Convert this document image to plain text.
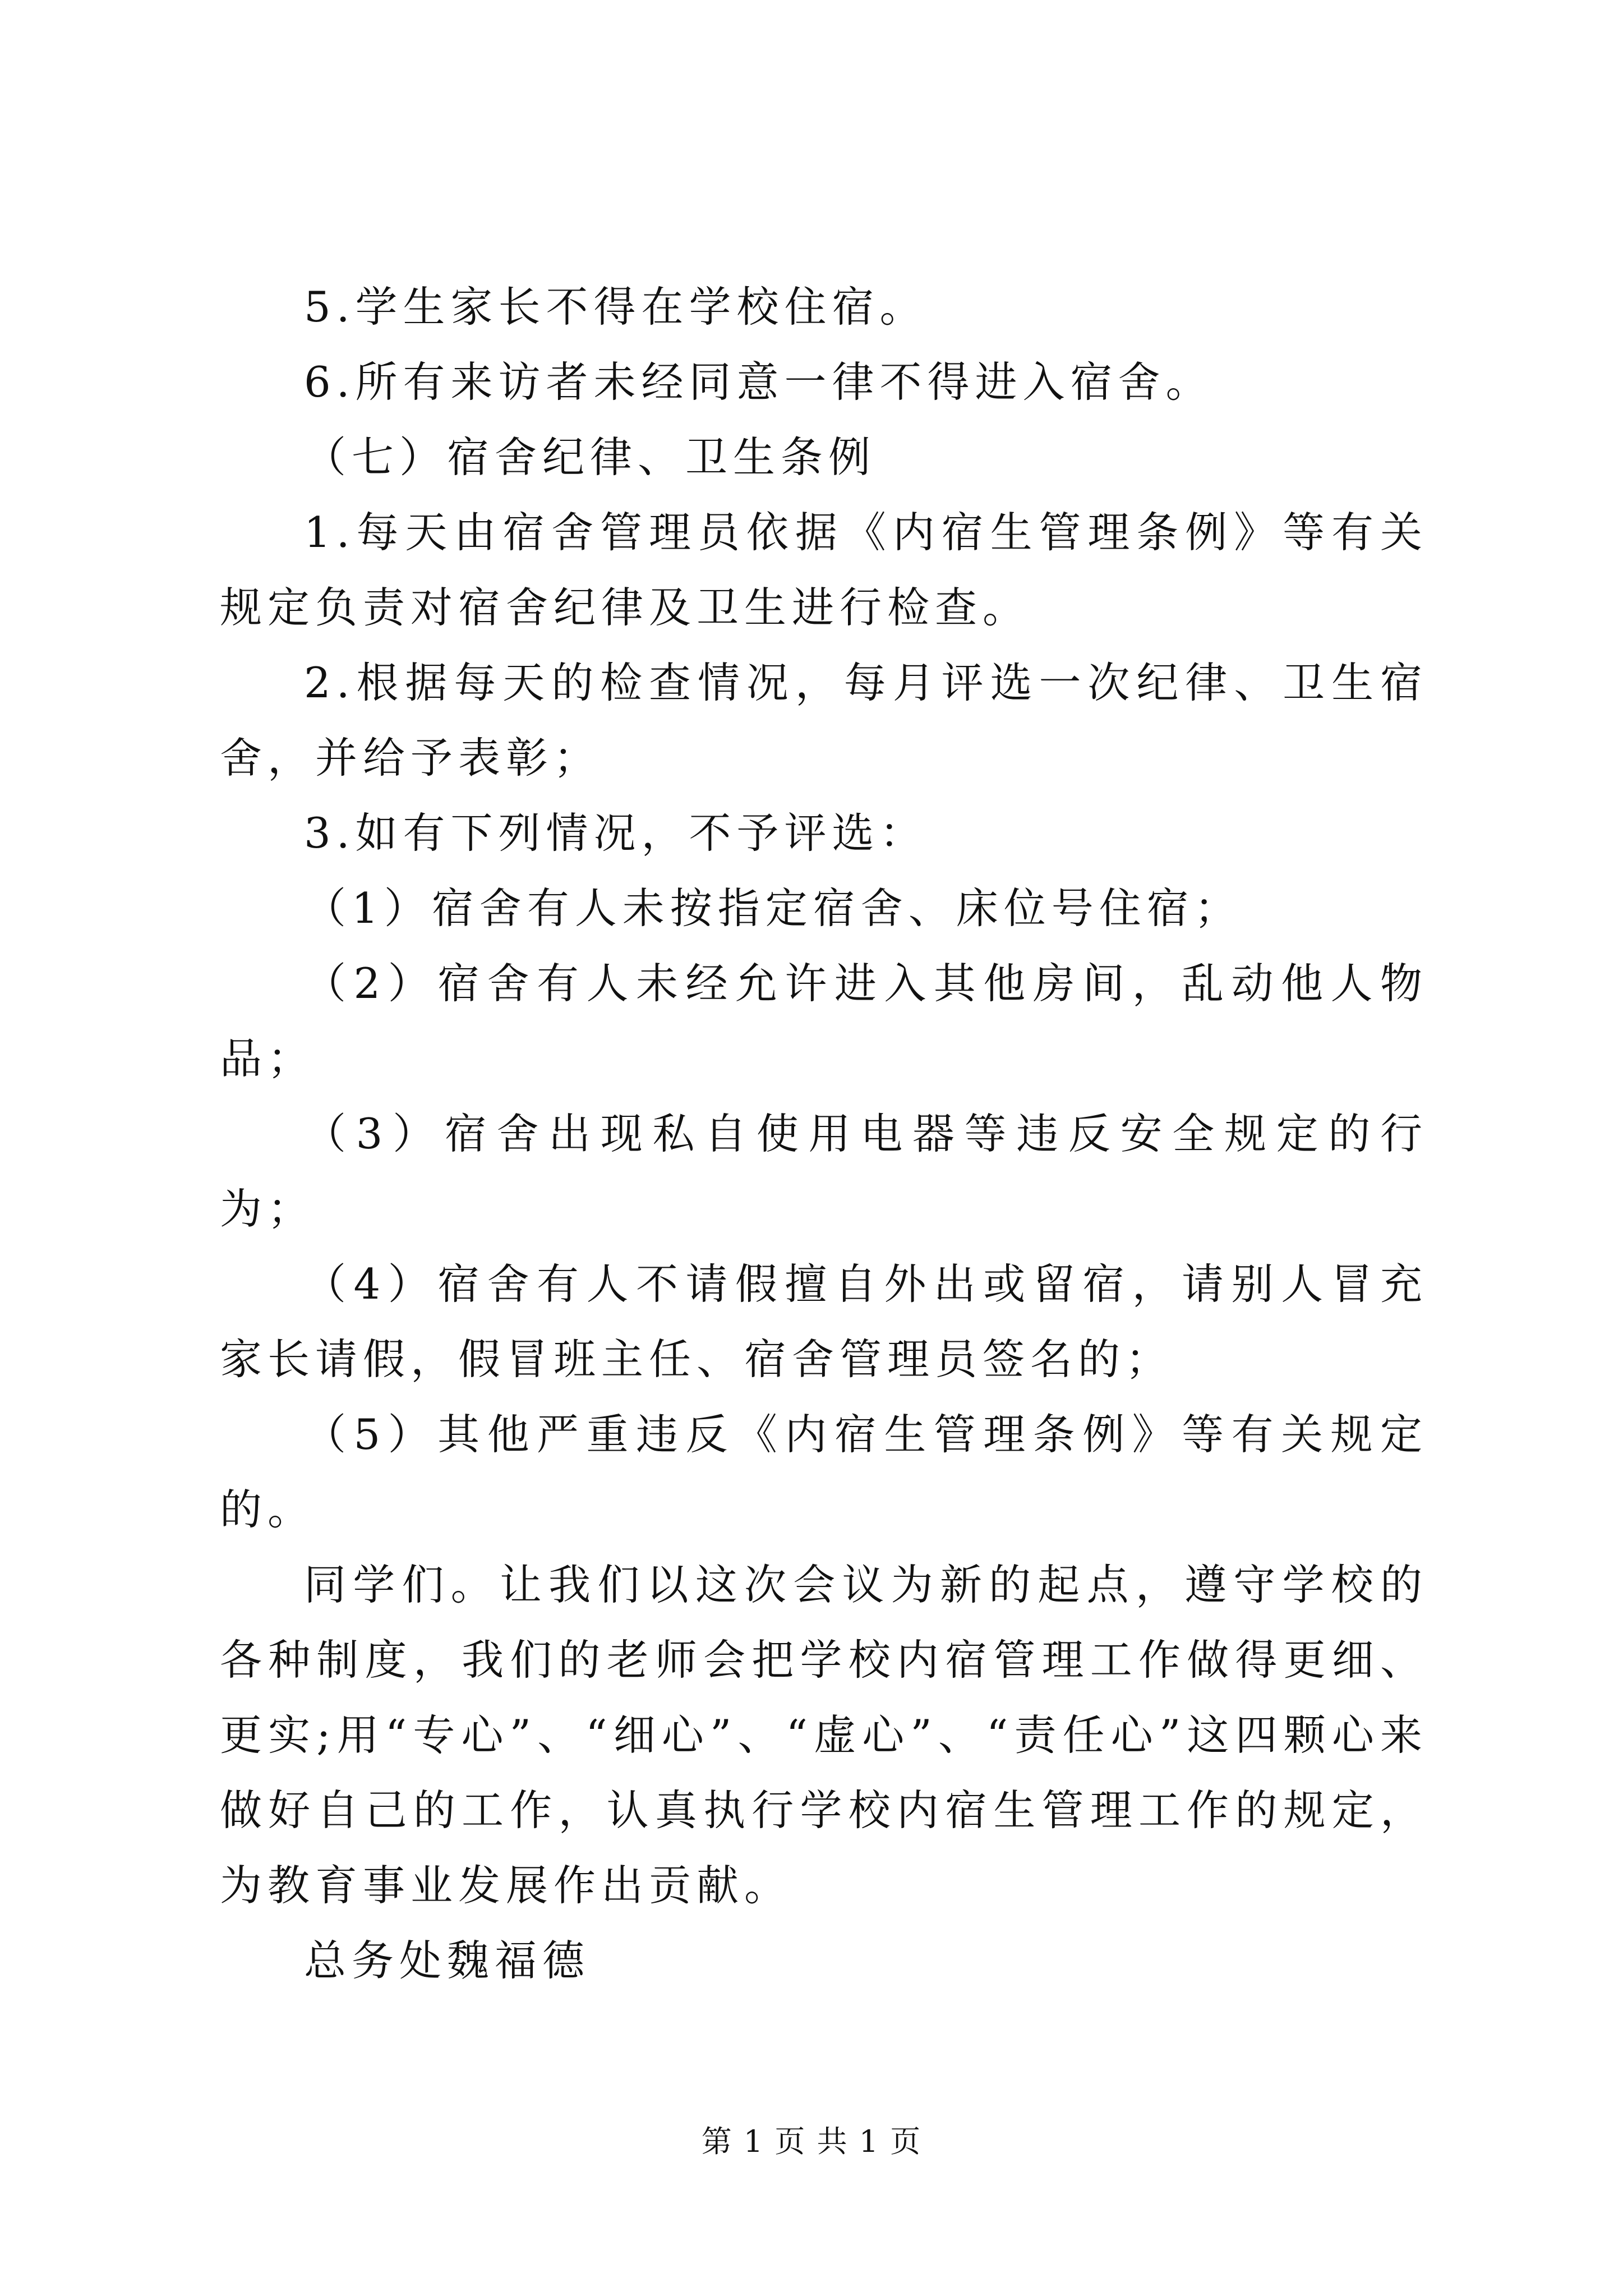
5.学生家长不得在学校住宿。

6.所有来访者未经同意一律不得进入宿舍。

（七）宿舍纪律、卫生条例

1.每天由宿舍管理员依据《内宿生管理条例》等有关规定负责对宿舍纪律及卫生进行检查。

2.根据每天的检查情况，每月评选一次纪律、卫生宿舍，并给予表彰；

3.如有下列情况，不予评选：

（1）宿舍有人未按指定宿舍、床位号住宿；

（2）宿舍有人未经允许进入其他房间，乱动他人物品；

（3）宿舍出现私自使用电器等违反安全规定的行为；

（4）宿舍有人不请假擅自外出或留宿，请别人冒充家长请假，假冒班主任、宿舍管理员签名的；

（5）其他严重违反《内宿生管理条例》等有关规定的。

同学们。让我们以这次会议为新的起点，遵守学校的各种制度，我们的老师会把学校内宿管理工作做得更细、更实;用“专心”、“细心”、“虚心”、“责任心”这四颗心来做好自己的工作，认真执行学校内宿生管理工作的规定，为教育事业发展作出贡献。

总务处魏福德

第 1 页 共 1 页
